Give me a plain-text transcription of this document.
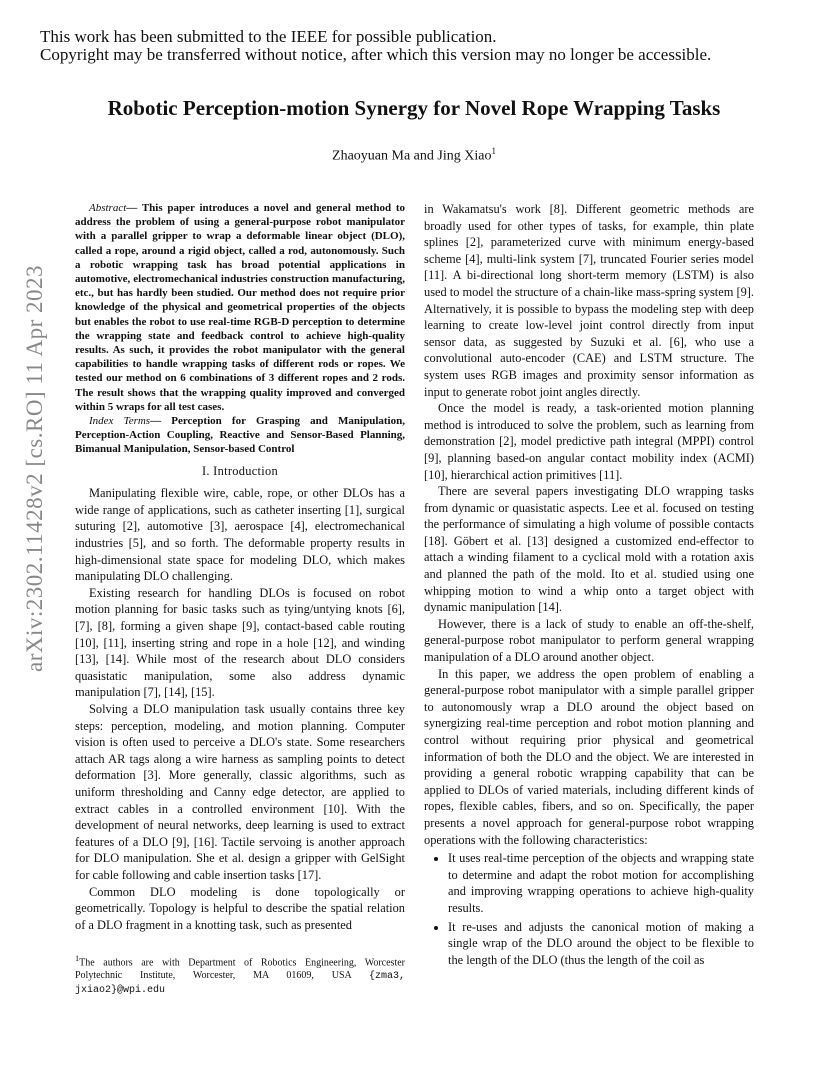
This work has been submitted to the IEEE for possible publication.
Copyright may be transferred without notice, after which this version may no longer be accessible.
arXiv:2302.11428v2 [cs.RO] 11 Apr 2023
Robotic Perception-motion Synergy for Novel Rope Wrapping Tasks
Zhaoyuan Ma and Jing Xiao$^1$

Abstract— This paper introduces a novel and general method to address the problem of using a general-purpose robot manipulator with a parallel gripper to wrap a deformable linear object (DLO), called a rope, around a rigid object, called a rod, autonomously. Such a robotic wrapping task has broad potential applications in automotive, electromechanical industries construction manufacturing, etc., but has hardly been studied. Our method does not require prior knowledge of the physical and geometrical properties of the objects but enables the robot to use real-time RGB-D perception to determine the wrapping state and feedback control to achieve high-quality results. As such, it provides the robot manipulator with the general capabilities to handle wrapping tasks of different rods or ropes. We tested our method on 6 combinations of 3 different ropes and 2 rods. The result shows that the wrapping quality improved and converged within 5 wraps for all test cases.

Index Terms— Perception for Grasping and Manipulation, Perception-Action Coupling, Reactive and Sensor-Based Planning, Bimanual Manipulation, Sensor-based Control

I. Introduction

Manipulating flexible wire, cable, rope, or other DLOs has a wide range of applications, such as catheter inserting [1], surgical suturing [2], automotive [3], aerospace [4], electromechanical industries [5], and so forth. The deformable property results in high-dimensional state space for modeling DLO, which makes manipulating DLO challenging.

Existing research for handling DLOs is focused on robot motion planning for basic tasks such as tying/untying knots [6], [7], [8], forming a given shape [9], contact-based cable routing [10], [11], inserting string and rope in a hole [12], and winding [13], [14]. While most of the research about DLO considers quasistatic manipulation, some also address dynamic manipulation [7], [14], [15].

Solving a DLO manipulation task usually contains three key steps: perception, modeling, and motion planning. Computer vision is often used to perceive a DLO's state. Some researchers attach AR tags along a wire harness as sampling points to detect deformation [3]. More generally, classic algorithms, such as uniform thresholding and Canny edge detector, are applied to extract cables in a controlled environment [10]. With the development of neural networks, deep learning is used to extract features of a DLO [9], [16]. Tactile servoing is another approach for DLO manipulation. She et al. design a gripper with GelSight for cable following and cable insertion tasks [17].

Common DLO modeling is done topologically or geometrically. Topology is helpful to describe the spatial relation of a DLO fragment in a knotting task, such as presented

$^1$The authors are with Department of Robotics Engineering, Worcester Polytechnic Institute, Worcester, MA 01609, USA {zma3, jxiao2}@wpi.edu

in Wakamatsu's work [8]. Different geometric methods are broadly used for other types of tasks, for example, thin plate splines [2], parameterized curve with minimum energy-based scheme [4], multi-link system [7], truncated Fourier series model [11]. A bi-directional long short-term memory (LSTM) is also used to model the structure of a chain-like mass-spring system [9]. Alternatively, it is possible to bypass the modeling step with deep learning to create low-level joint control directly from input sensor data, as suggested by Suzuki et al. [6], who use a convolutional auto-encoder (CAE) and LSTM structure. The system uses RGB images and proximity sensor information as input to generate robot joint angles directly.

Once the model is ready, a task-oriented motion planning method is introduced to solve the problem, such as learning from demonstration [2], model predictive path integral (MPPI) control [9], planning based-on angular contact mobility index (ACMI) [10], hierarchical action primitives [11].

There are several papers investigating DLO wrapping tasks from dynamic or quasistatic aspects. Lee et al. focused on testing the performance of simulating a high volume of possible contacts [18]. Göbert et al. [13] designed a customized end-effector to attach a winding filament to a cyclical mold with a rotation axis and planned the path of the mold. Ito et al. studied using one whipping motion to wind a whip onto a target object with dynamic manipulation [14].

However, there is a lack of study to enable an off-the-shelf, general-purpose robot manipulator to perform general wrapping manipulation of a DLO around another object.

In this paper, we address the open problem of enabling a general-purpose robot manipulator with a simple parallel gripper to autonomously wrap a DLO around the object based on synergizing real-time perception and robot motion planning and control without requiring prior physical and geometrical information of both the DLO and the object. We are interested in providing a general robotic wrapping capability that can be applied to DLOs of varied materials, including different kinds of ropes, flexible cables, fibers, and so on. Specifically, the paper presents a novel approach for general-purpose robot wrapping operations with the following characteristics:

• It uses real-time perception of the objects and wrapping state to determine and adapt the robot motion for accomplishing and improving wrapping operations to achieve high-quality results.
• It re-uses and adjusts the canonical motion of making a single wrap of the DLO around the object to be flexible to the length of the DLO (thus the length of the coil as
